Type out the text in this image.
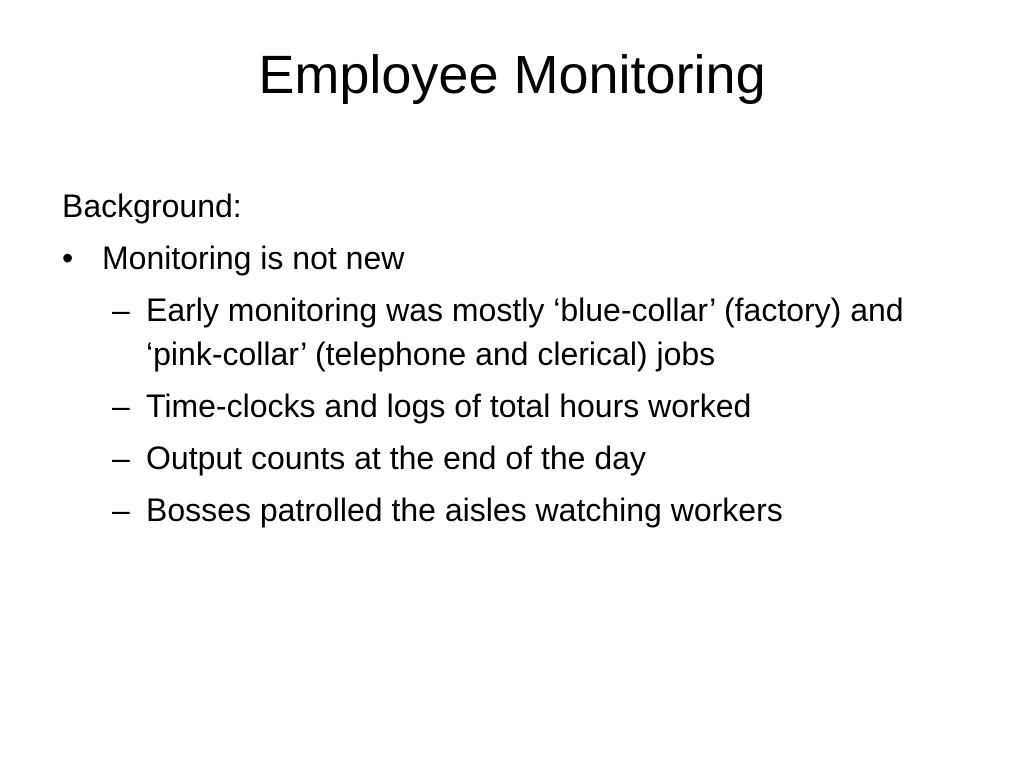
Employee Monitoring

Background:

• Monitoring is not new
– Early monitoring was mostly ‘blue-collar’ (factory) and ‘pink-collar’ (telephone and clerical) jobs
– Time-clocks and logs of total hours worked
– Output counts at the end of the day
– Bosses patrolled the aisles watching workers
